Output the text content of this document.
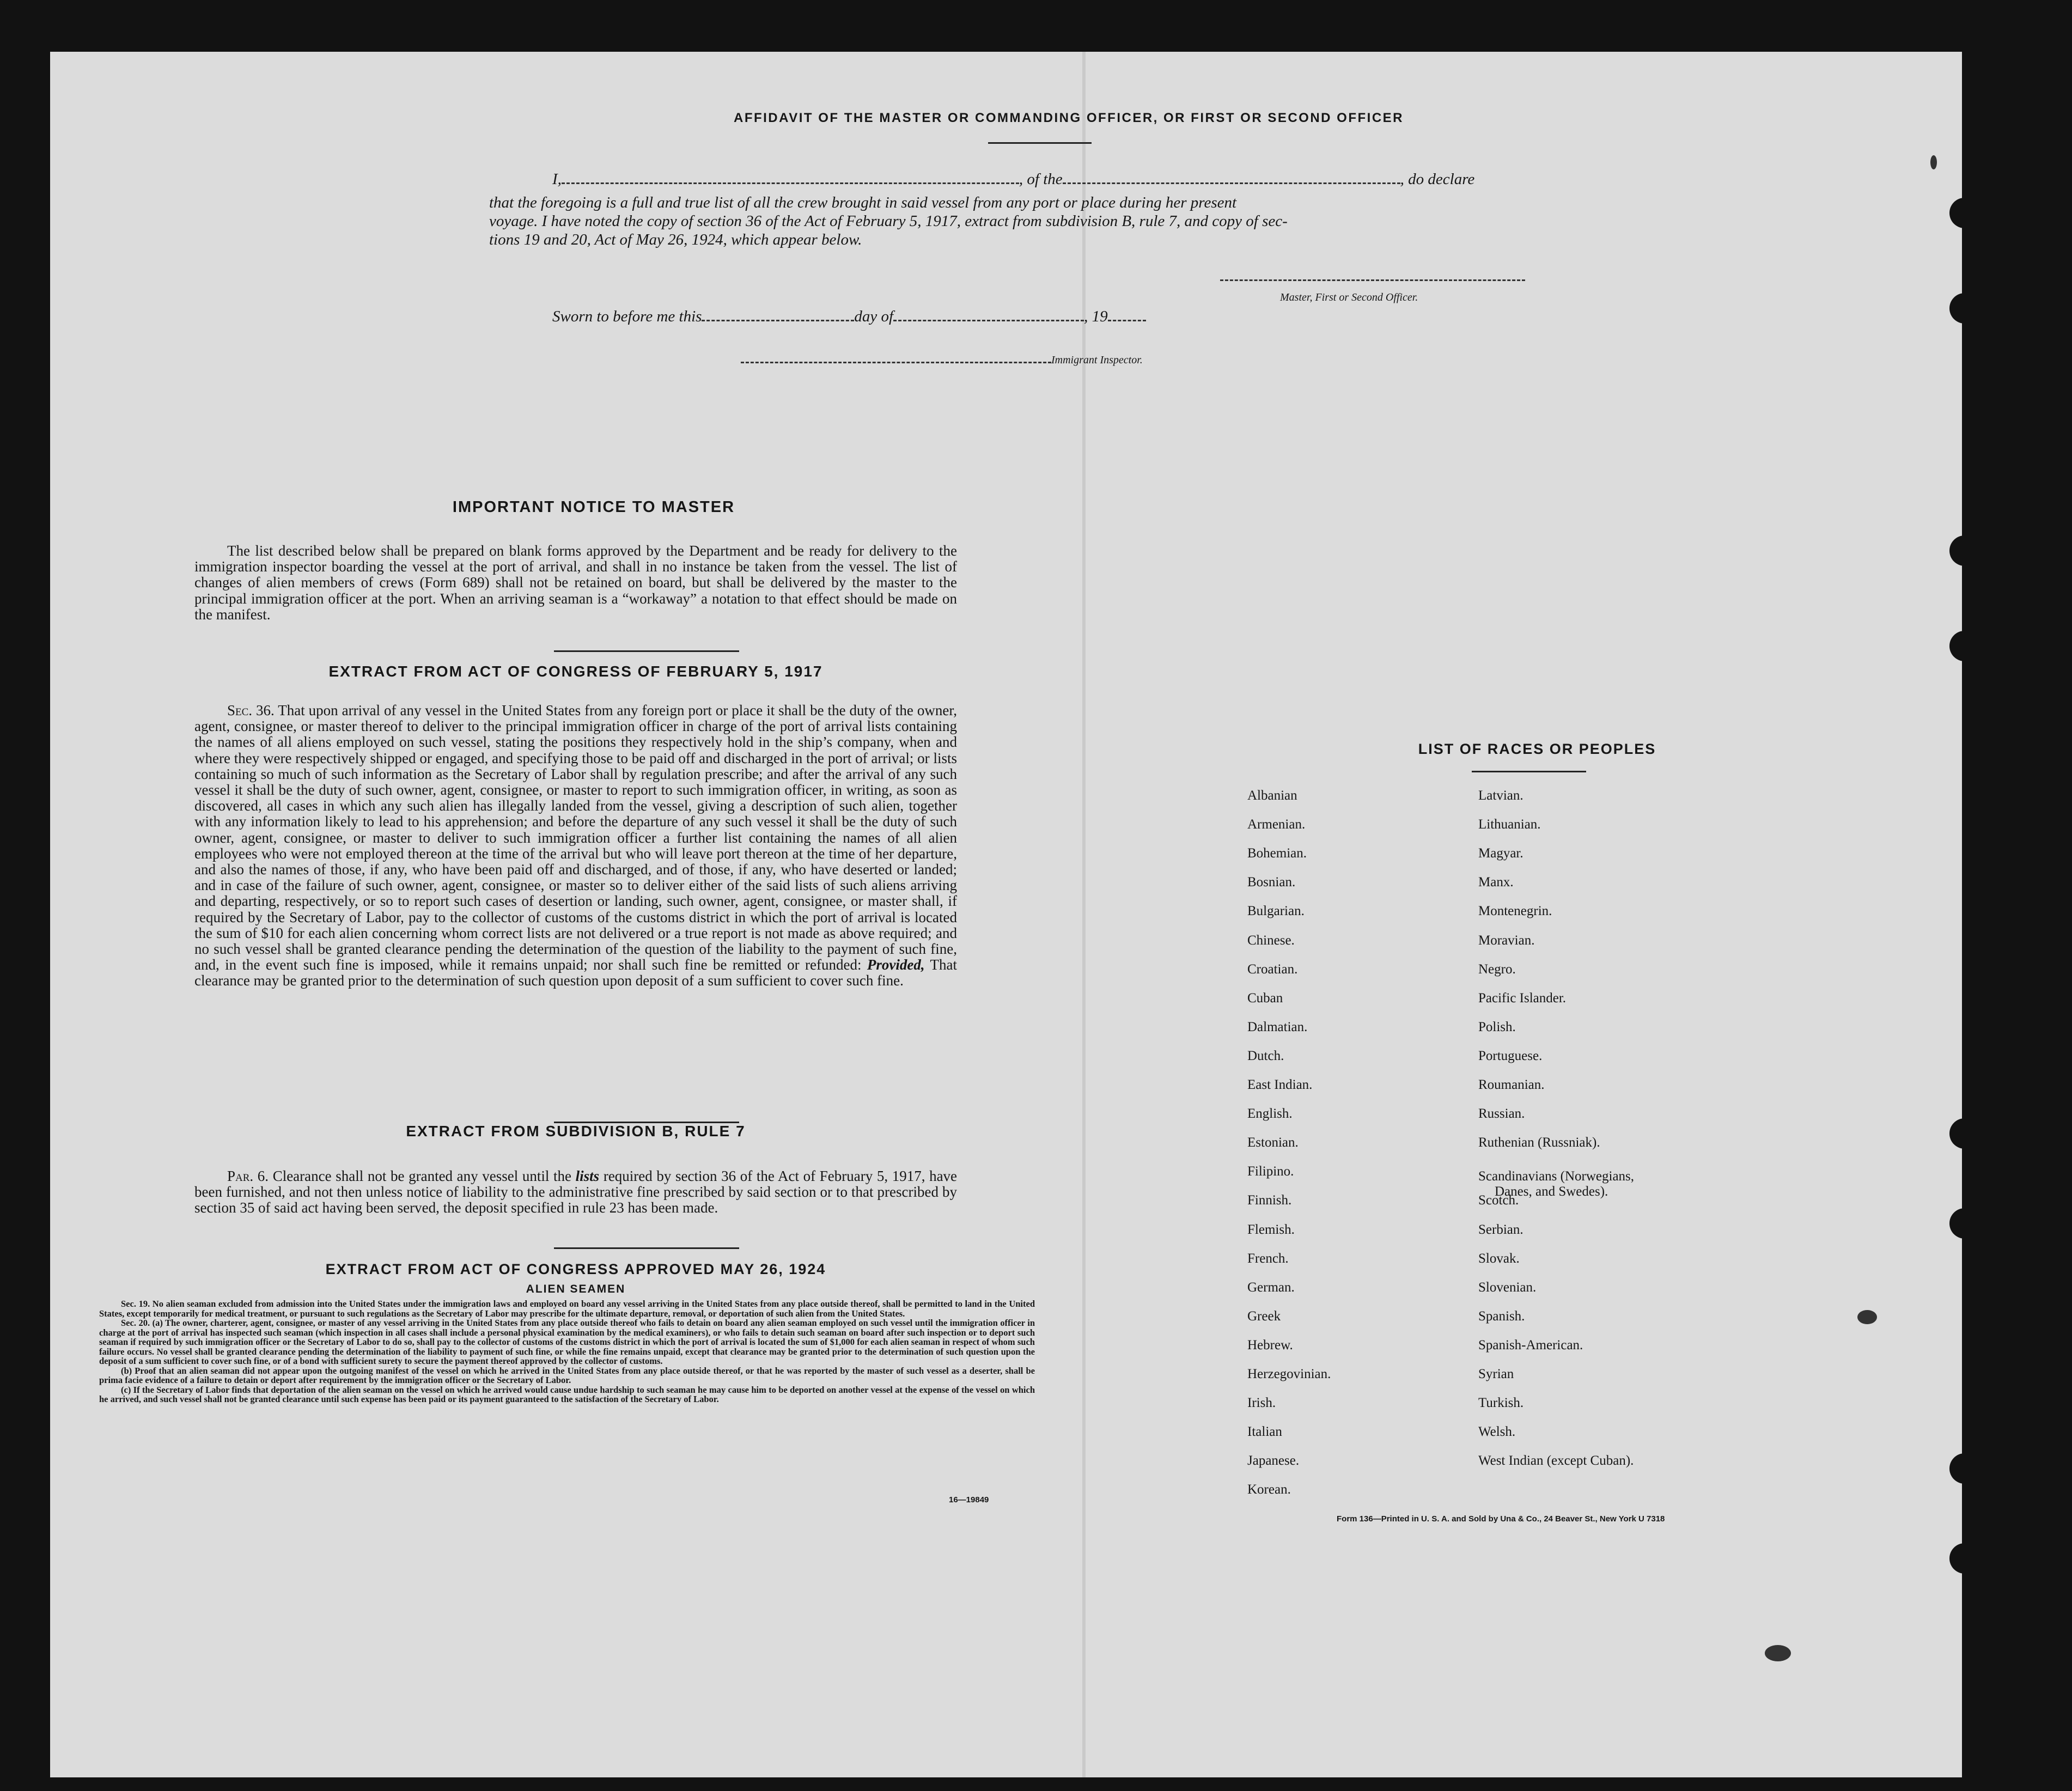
AFFIDAVIT OF THE MASTER OR COMMANDING OFFICER, OR FIRST OR SECOND OFFICER
I,	, of the	, do declare
that the foregoing is a full and true list of all the crew brought in said vessel from any port or place during her present
voyage. I have noted the copy of section 36 of the Act of February 5, 1917, extract from subdivision B, rule 7, and copy of sec-
tions 19 and 20, Act of May 26, 1924, which appear below.
Master, First or Second Officer.
Sworn to before me this	day of	, 19
Immigrant Inspector.
IMPORTANT NOTICE TO MASTER
The list described below shall be prepared on blank forms approved by the Department and be ready for delivery to the immigration inspector boarding the vessel at the port of arrival, and shall in no instance be taken from the vessel. The list of changes of alien members of crews (Form 689) shall not be retained on board, but shall be delivered by the master to the principal immigration officer at the port. When an arriving seaman is a “workaway” a notation to that effect should be made on the manifest.
EXTRACT FROM ACT OF CONGRESS OF FEBRUARY 5, 1917
Sec. 36. That upon arrival of any vessel in the United States from any foreign port or place it shall be the duty of the owner, agent, consignee, or master thereof to deliver to the principal immigration officer in charge of the port of arrival lists containing the names of all aliens employed on such vessel, stating the positions they respectively hold in the ship’s company, when and where they were respectively shipped or engaged, and specifying those to be paid off and discharged in the port of arrival; or lists containing so much of such information as the Secretary of Labor shall by regulation prescribe; and after the arrival of any such vessel it shall be the duty of such owner, agent, consignee, or master to report to such immigration officer, in writing, as soon as discovered, all cases in which any such alien has illegally landed from the vessel, giving a description of such alien, together with any information likely to lead to his apprehension; and before the departure of any such vessel it shall be the duty of such owner, agent, consignee, or master to deliver to such immigration officer a further list containing the names of all alien employees who were not employed thereon at the time of the arrival but who will leave port thereon at the time of her departure, and also the names of those, if any, who have been paid off and discharged, and of those, if any, who have deserted or landed; and in case of the failure of such owner, agent, consignee, or master so to deliver either of the said lists of such aliens arriving and departing, respectively, or so to report such cases of desertion or landing, such owner, agent, consignee, or master shall, if required by the Secretary of Labor, pay to the collector of customs of the customs district in which the port of arrival is located the sum of $10 for each alien concerning whom correct lists are not delivered or a true report is not made as above required; and no such vessel shall be granted clearance pending the determination of the question of the liability to the payment of such fine, and, in the event such fine is imposed, while it remains unpaid; nor shall such fine be remitted or refunded: Provided, That clearance may be granted prior to the determination of such question upon deposit of a sum sufficient to cover such fine.
EXTRACT FROM SUBDIVISION B, RULE 7
Par. 6. Clearance shall not be granted any vessel until the lists required by section 36 of the Act of February 5, 1917, have been furnished, and not then unless notice of liability to the administrative fine prescribed by said section or to that prescribed by section 35 of said act having been served, the deposit specified in rule 23 has been made.
EXTRACT FROM ACT OF CONGRESS APPROVED MAY 26, 1924
ALIEN SEAMEN
Sec. 19. No alien seaman excluded from admission into the United States under the immigration laws and employed on board any vessel arriving in the United States from any place outside thereof, shall be permitted to land in the United States, except temporarily for medical treatment, or pursuant to such regulations as the Secretary of Labor may prescribe for the ultimate departure, removal, or deportation of such alien from the United States.
Sec. 20. (a) The owner, charterer, agent, consignee, or master of any vessel arriving in the United States from any place outside thereof who fails to detain on board any alien seaman employed on such vessel until the immigration officer in charge at the port of arrival has inspected such seaman (which inspection in all cases shall include a personal physical examination by the medical examiners), or who fails to detain such seaman on board after such inspection or to deport such seaman if required by such immigration officer or the Secretary of Labor to do so, shall pay to the collector of customs of the customs district in which the port of arrival is located the sum of $1,000 for each alien seaman in respect of whom such failure occurs. No vessel shall be granted clearance pending the determination of the liability to payment of such fine, or while the fine remains unpaid, except that clearance may be granted prior to the determination of such question upon the deposit of a sum sufficient to cover such fine, or of a bond with sufficient surety to secure the payment thereof approved by the collector of customs.
(b) Proof that an alien seaman did not appear upon the outgoing manifest of the vessel on which he arrived in the United States from any place outside thereof, or that he was reported by the master of such vessel as a deserter, shall be prima facie evidence of a failure to detain or deport after requirement by the immigration officer or the Secretary of Labor.
(c) If the Secretary of Labor finds that deportation of the alien seaman on the vessel on which he arrived would cause undue hardship to such seaman he may cause him to be deported on another vessel at the expense of the vessel on which he arrived, and such vessel shall not be granted clearance until such expense has been paid or its payment guaranteed to the satisfaction of the Secretary of Labor.
16—19849
LIST OF RACES OR PEOPLES
Form 136—Printed in U. S. A. and Sold by Una & Co., 24 Beaver St., New York U 7318
Albanian
Armenian.
Bohemian.
Bosnian.
Bulgarian.
Chinese.
Croatian.
Cuban
Dalmatian.
Dutch.
East Indian.
English.
Estonian.
Filipino.
Finnish.
Flemish.
French.
German.
Greek
Hebrew.
Herzegovinian.
Irish.
Italian
Japanese.
Korean.
Latvian.
Lithuanian.
Magyar.
Manx.
Montenegrin.
Moravian.
Negro.
Pacific Islander.
Polish.
Portuguese.
Roumanian.
Russian.
Ruthenian (Russniak).
Scandinavians (Norwegians,
Danes, and Swedes).
Scotch.
Serbian.
Slovak.
Slovenian.
Spanish.
Spanish-American.
Syrian
Turkish.
Welsh.
West Indian (except Cuban).
